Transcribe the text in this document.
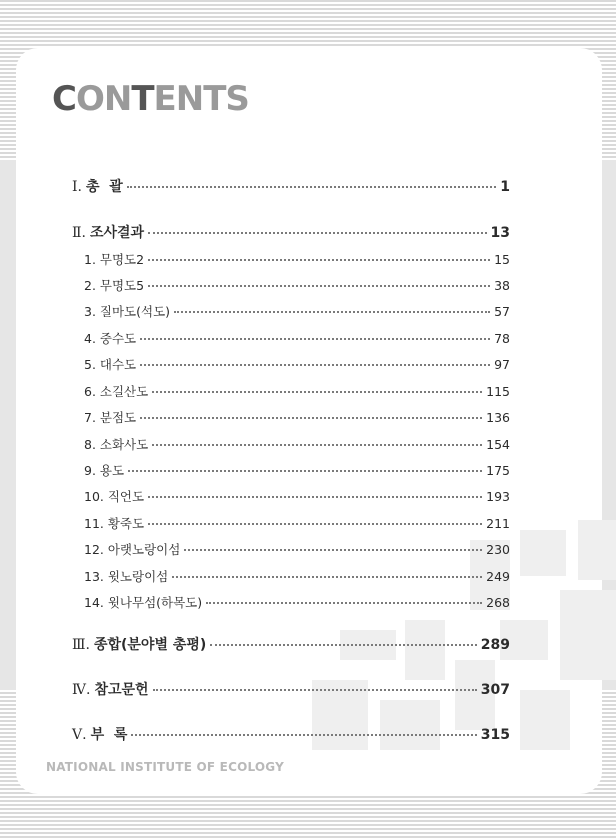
CONTENTS
Ⅰ. 총  괄	1
Ⅱ. 조사결과	13
1. 무명도2	15
2. 무명도5	38
3. 질마도(석도)	57
4. 중수도	78
5. 대수도	97
6. 소길산도	115
7. 분점도	136
8. 소화사도	154
9. 용도	175
10. 직언도	193
11. 황죽도	211
12. 아랫노랑이섬	230
13. 윗노랑이섬	249
14. 윗나무섬(하목도)	268
Ⅲ. 종합(분야별 총평)	289
Ⅳ. 참고문헌	307
Ⅴ. 부  록	315
NATIONAL INSTITUTE OF ECOLOGY
